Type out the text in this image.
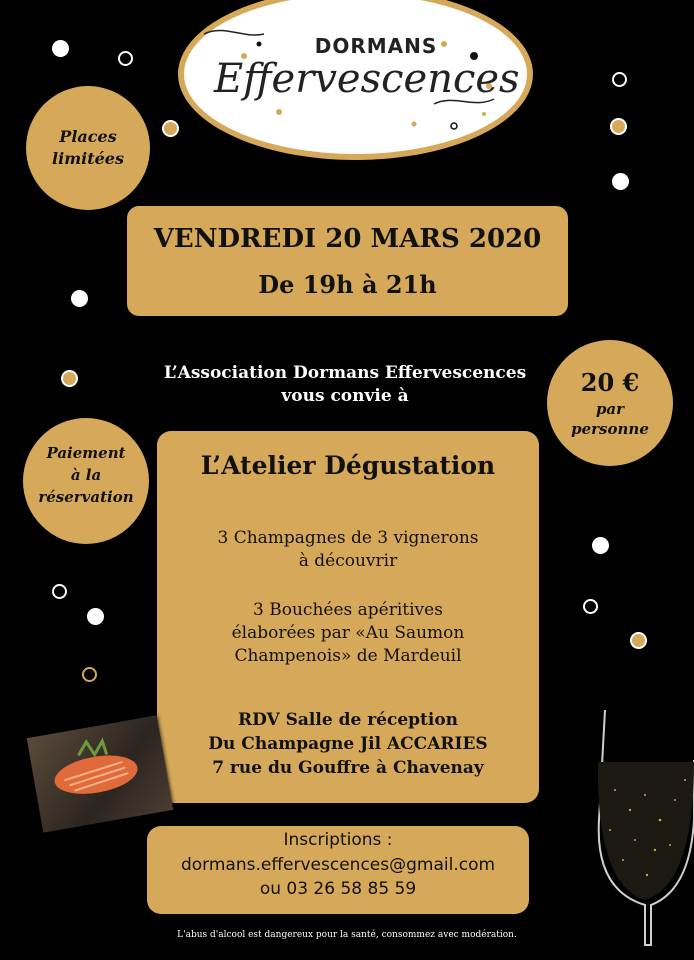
DORMANS
Effervescences
Places limitées
VENDREDI 20 MARS 2020
De 19h à 21h
L’Association Dormans Effervescences
vous convie à	20 €
par
personne
Paiement
à la
réservation
L’Atelier Dégustation
3 Champagnes de 3 vignerons
à découvrir
3 Bouchées apéritives
élaborées par «Au Saumon
Champenois» de Mardeuil
RDV Salle de réception
Du Champagne Jil ACCARIES
7 rue du Gouffre à Chavenay
Inscriptions :
dormans.effervescences@gmail.com
ou 03 26 58 85 59
L'abus d'alcool est dangereux pour la santé, consommez avec modération.
